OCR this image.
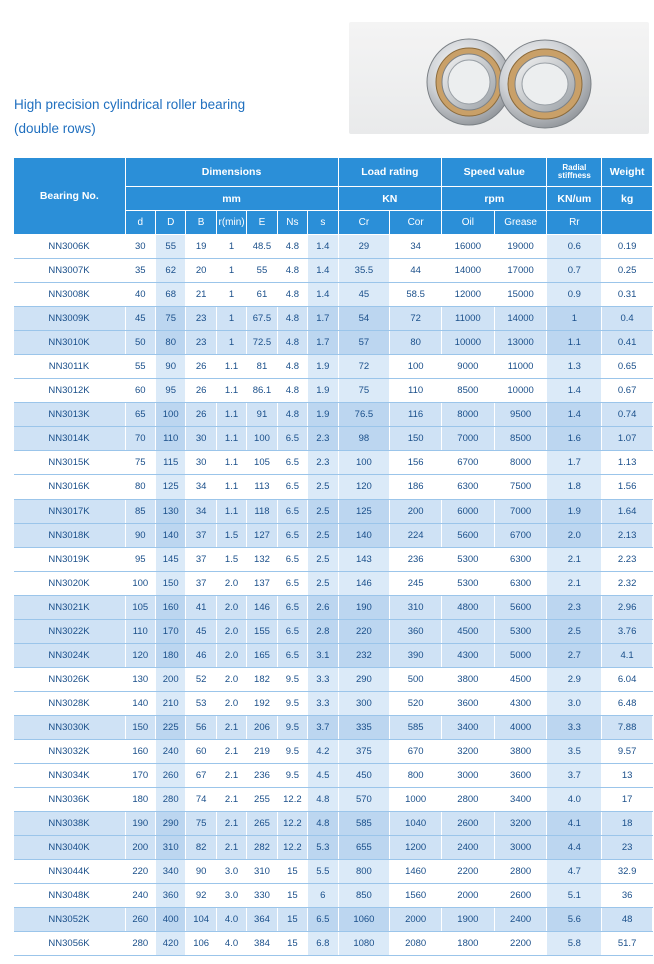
High precision cylindrical roller bearing
(double rows)
Bearing No.	Dimensions							Load rating		Speed value		Radial stiffness	Weight
	mm							KN		rpm		KN/um	kg
	d	D	B	r(min)	E	Ns	s	Cr	Cor	Oil	Grease	Rr	
NN3006K	30	55	19	1	48.5	4.8	1.4	29	34	16000	19000	0.6	0.19
NN3007K	35	62	20	1	55	4.8	1.4	35.5	44	14000	17000	0.7	0.25
NN3008K	40	68	21	1	61	4.8	1.4	45	58.5	12000	15000	0.9	0.31
NN3009K	45	75	23	1	67.5	4.8	1.7	54	72	11000	14000	1	0.4
NN3010K	50	80	23	1	72.5	4.8	1.7	57	80	10000	13000	1.1	0.41
NN3011K	55	90	26	1.1	81	4.8	1.9	72	100	9000	11000	1.3	0.65
NN3012K	60	95	26	1.1	86.1	4.8	1.9	75	110	8500	10000	1.4	0.67
NN3013K	65	100	26	1.1	91	4.8	1.9	76.5	116	8000	9500	1.4	0.74
NN3014K	70	110	30	1.1	100	6.5	2.3	98	150	7000	8500	1.6	1.07
NN3015K	75	115	30	1.1	105	6.5	2.3	100	156	6700	8000	1.7	1.13
NN3016K	80	125	34	1.1	113	6.5	2.5	120	186	6300	7500	1.8	1.56
NN3017K	85	130	34	1.1	118	6.5	2.5	125	200	6000	7000	1.9	1.64
NN3018K	90	140	37	1.5	127	6.5	2.5	140	224	5600	6700	2.0	2.13
NN3019K	95	145	37	1.5	132	6.5	2.5	143	236	5300	6300	2.1	2.23
NN3020K	100	150	37	2.0	137	6.5	2.5	146	245	5300	6300	2.1	2.32
NN3021K	105	160	41	2.0	146	6.5	2.6	190	310	4800	5600	2.3	2.96
NN3022K	110	170	45	2.0	155	6.5	2.8	220	360	4500	5300	2.5	3.76
NN3024K	120	180	46	2.0	165	6.5	3.1	232	390	4300	5000	2.7	4.1
NN3026K	130	200	52	2.0	182	9.5	3.3	290	500	3800	4500	2.9	6.04
NN3028K	140	210	53	2.0	192	9.5	3.3	300	520	3600	4300	3.0	6.48
NN3030K	150	225	56	2.1	206	9.5	3.7	335	585	3400	4000	3.3	7.88
NN3032K	160	240	60	2.1	219	9.5	4.2	375	670	3200	3800	3.5	9.57
NN3034K	170	260	67	2.1	236	9.5	4.5	450	800	3000	3600	3.7	13
NN3036K	180	280	74	2.1	255	12.2	4.8	570	1000	2800	3400	4.0	17
NN3038K	190	290	75	2.1	265	12.2	4.8	585	1040	2600	3200	4.1	18
NN3040K	200	310	82	2.1	282	12.2	5.3	655	1200	2400	3000	4.4	23
NN3044K	220	340	90	3.0	310	15	5.5	800	1460	2200	2800	4.7	32.9
NN3048K	240	360	92	3.0	330	15	6	850	1560	2000	2600	5.1	36
NN3052K	260	400	104	4.0	364	15	6.5	1060	2000	1900	2400	5.6	48
NN3056K	280	420	106	4.0	384	15	6.8	1080	2080	1800	2200	5.8	51.7
